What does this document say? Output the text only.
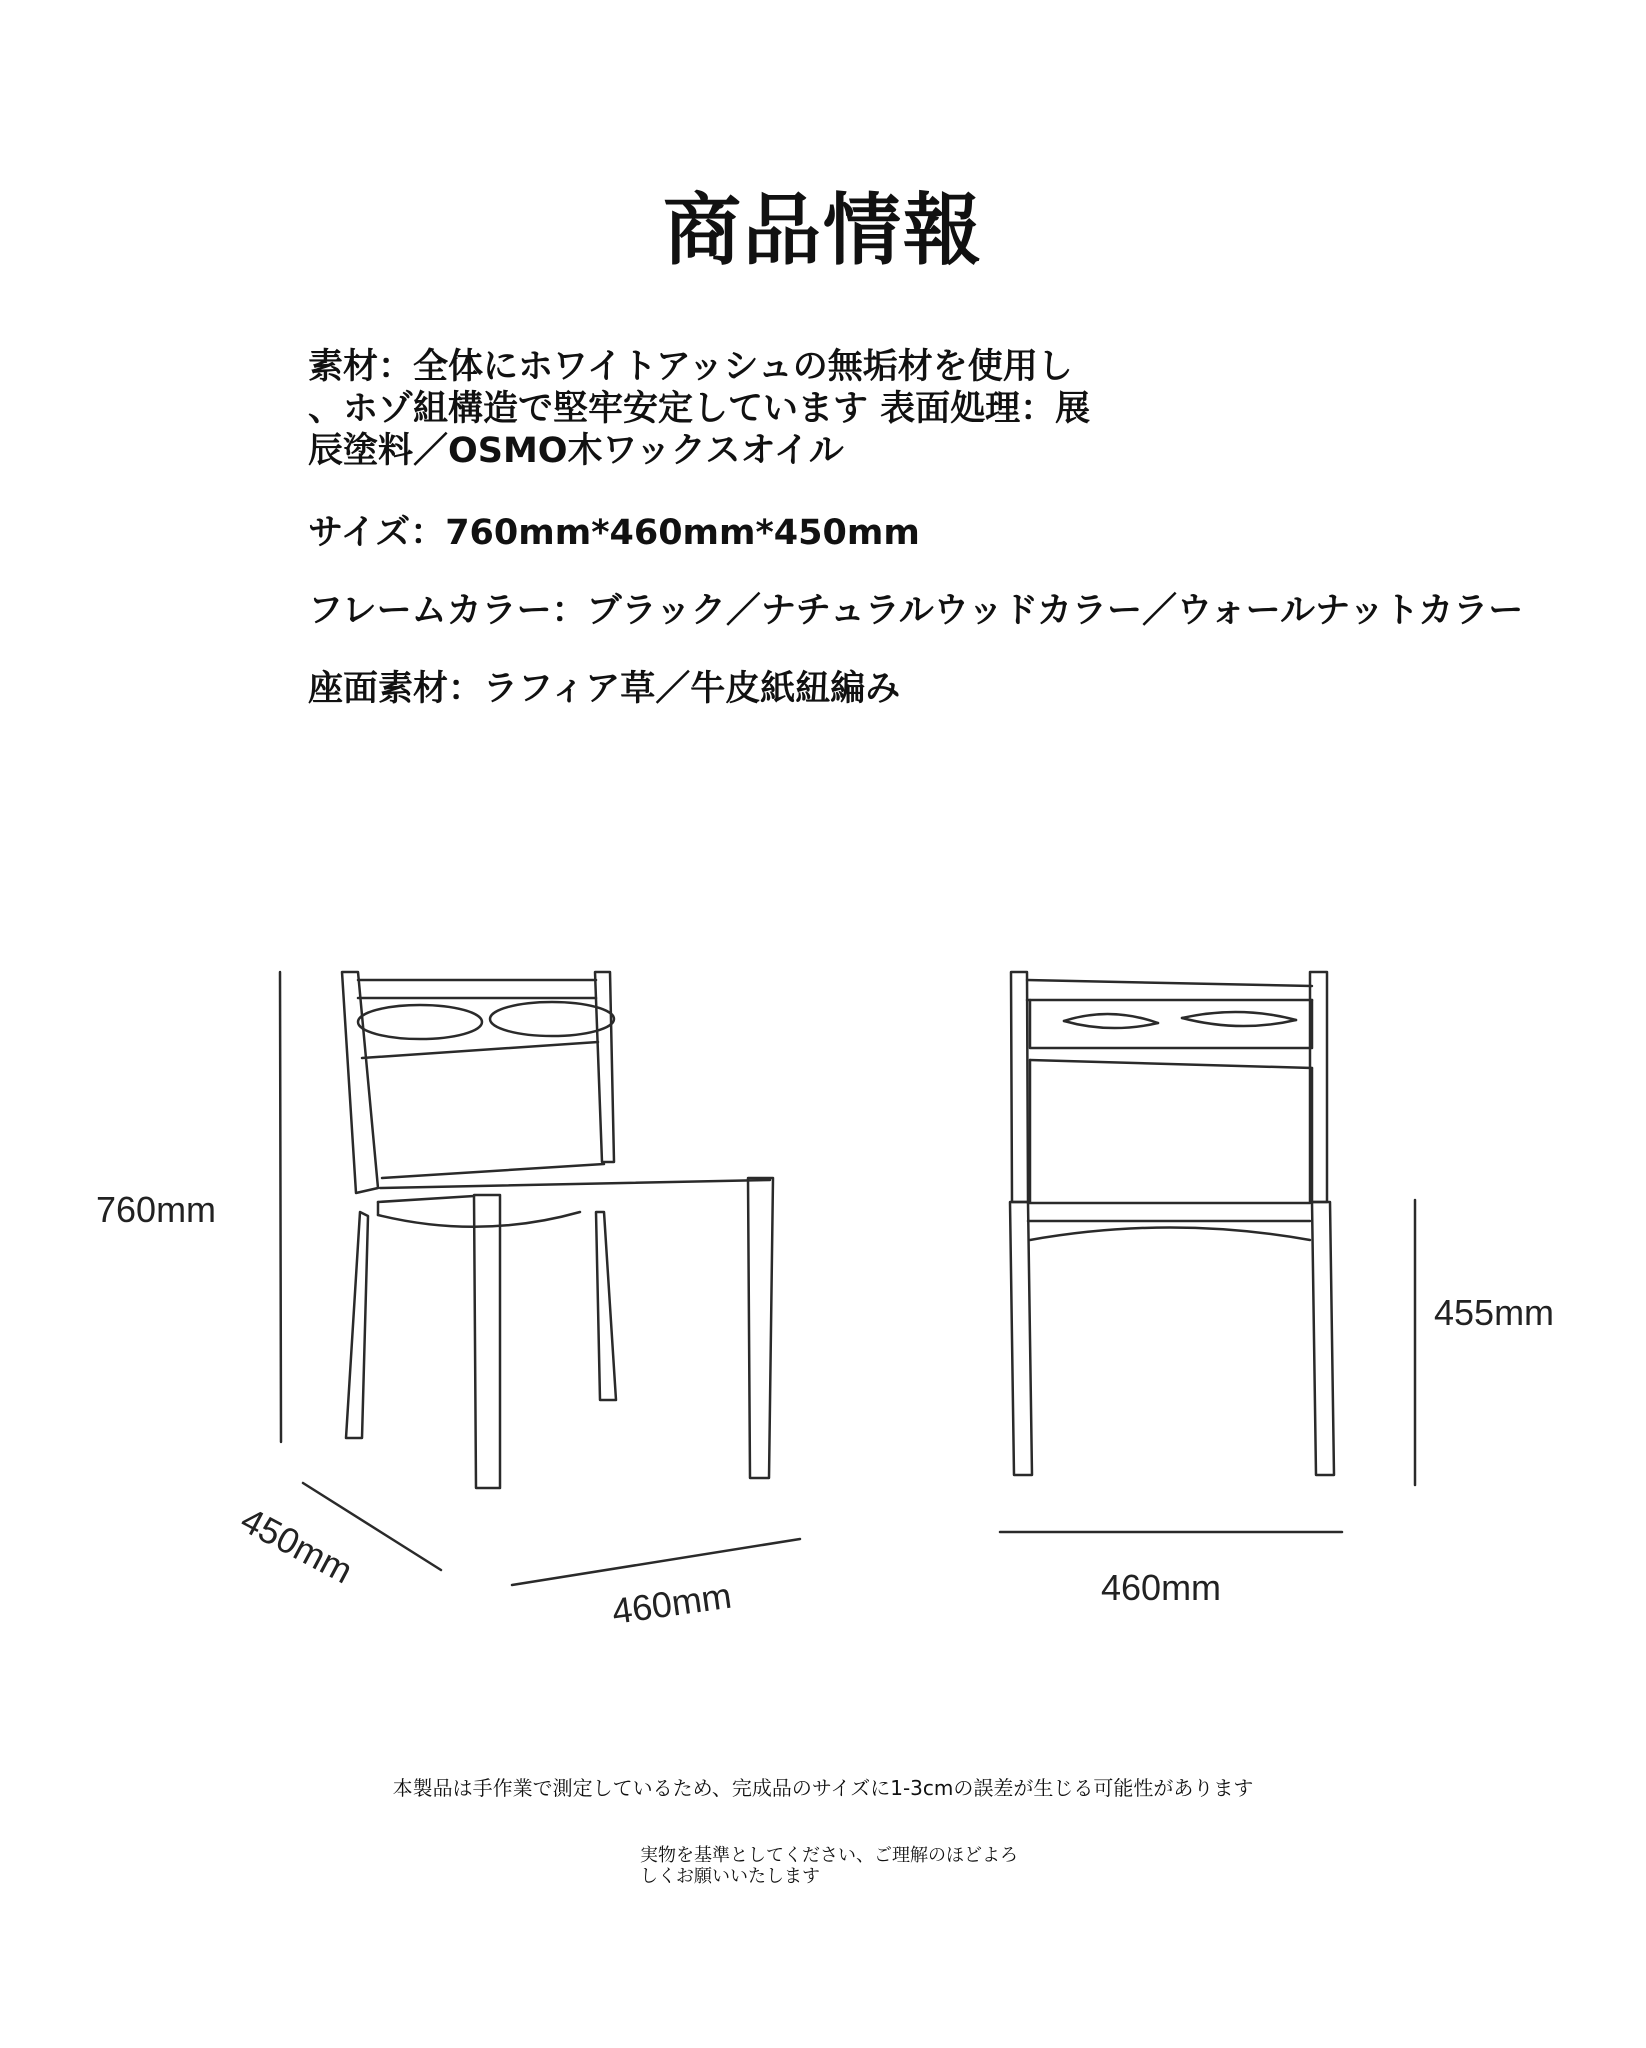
商品情報
素材：全体にホワイトアッシュの無垢材を使用し
、ホゾ組構造で堅牢安定しています 表面処理：展
辰塗料／OSMO木ワックスオイル
サイズ：760mm*460mm*450mm
フレームカラー：ブラック／ナチュラルウッドカラー／ウォールナットカラー
座面素材：ラフィア草／牛皮紙紐編み
760mm
450mm
460mm
455mm
460mm
本製品は手作業で測定しているため、完成品のサイズに1-3cmの誤差が生じる可能性があります
実物を基準としてください、ご理解のほどよろ
しくお願いいたします
